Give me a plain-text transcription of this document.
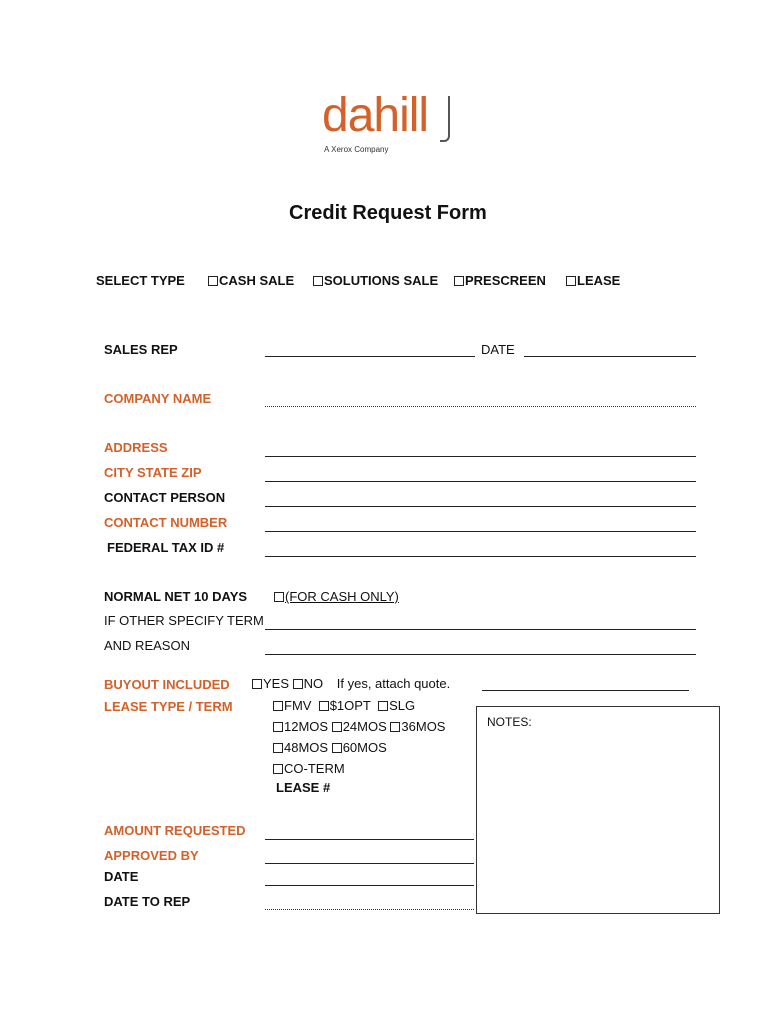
dahill
A Xerox Company
Credit Request Form
SELECT TYPE	CASH SALE	SOLUTIONS SALE	PRESCREEN	LEASE
SALES REP	DATE
COMPANY NAME
ADDRESS
CITY STATE ZIP
CONTACT PERSON
CONTACT NUMBER
FEDERAL TAX ID #
NORMAL NET 10 DAYS	(FOR CASH ONLY)
IF OTHER SPECIFY TERM
AND REASON
BUYOUT INCLUDED	YES NO If yes, attach quote.
LEASE TYPE / TERM	FMV $1OPT SLG
12MOS 24MOS 36MOS
48MOS 60MOS
CO-TERM
LEASE #
NOTES:
AMOUNT REQUESTED
APPROVED BY
DATE
DATE TO REP
